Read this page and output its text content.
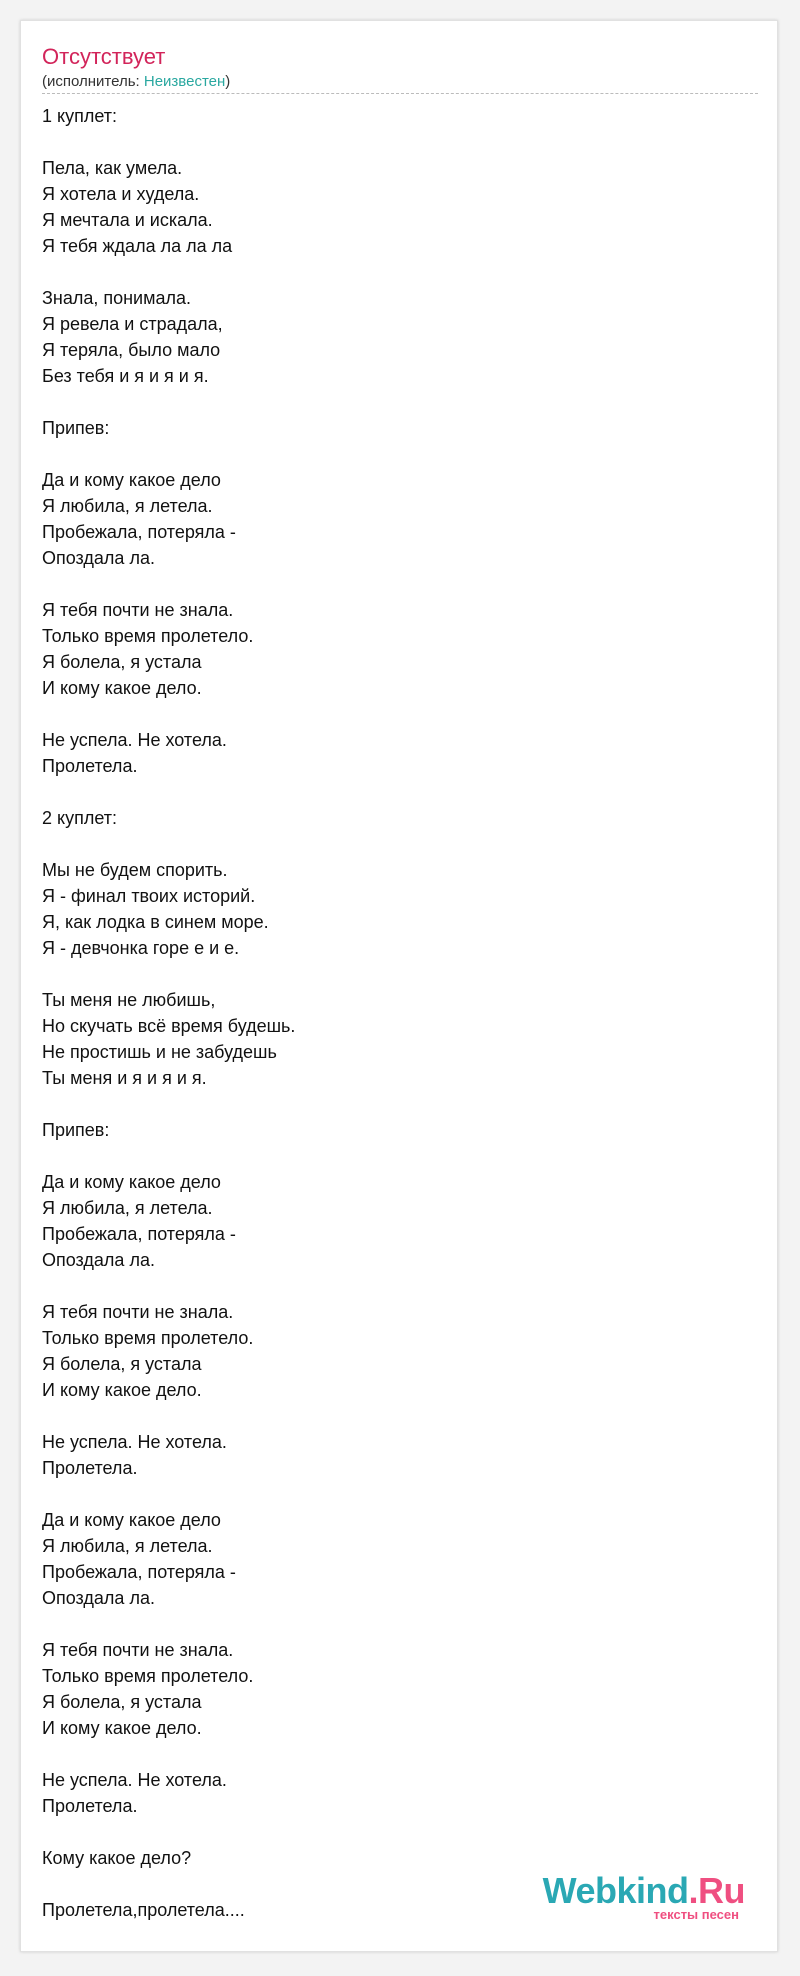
Отсутствует
(исполнитель: Неизвестен)
1 куплет:
Пела, как умела.
Я хотела и худела.
Я мечтала и искала.
Я тебя ждала ла ла ла
Знала, понимала.
Я ревела и страдала,
Я теряла, было мало
Без тебя и я и я и я.
Припев:
Да и кому какое дело
Я любила, я летела.
Пробежала, потеряла -
Опоздала ла.
Я тебя почти не знала.
Только время пролетело.
Я болела, я устала
И кому какое дело.
Не успела. Не хотела.
Пролетела.
2 куплет:
Мы не будем спорить.
Я - финал твоих историй.
Я, как лодка в синем море.
Я - девчонка горе е и е.
Ты меня не любишь,
Но скучать всё время будешь.
Не простишь и не забудешь
Ты меня и я и я и я.
Припев:
Да и кому какое дело
Я любила, я летела.
Пробежала, потеряла -
Опоздала ла.
Я тебя почти не знала.
Только время пролетело.
Я болела, я устала
И кому какое дело.
Не успела. Не хотела.
Пролетела.
Да и кому какое дело
Я любила, я летела.
Пробежала, потеряла -
Опоздала ла.
Я тебя почти не знала.
Только время пролетело.
Я болела, я устала
И кому какое дело.
Не успела. Не хотела.
Пролетела.
Кому какое дело?
Пролетела,пролетела....	Webkind.Ru
тексты песен
